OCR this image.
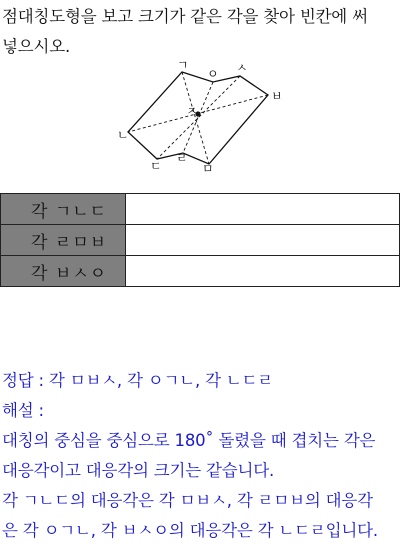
점대칭도형을 보고 크기가 같은 각을 찾아 빈칸에 써
넣으시오.
ㄱ
ㅇ ㅅ
ㅂ
ㅁ
ㄹ
ㄷ
ㄴ
ㅈ
각 ㄱㄴㄷ	
각 ㄹㅁㅂ	
각 ㅂㅅㅇ	
정답 : 각 ㅁㅂㅅ, 각 ㅇㄱㄴ, 각 ㄴㄷㄹ
해설 :
대칭의 중심을 중심으로 180˚ 돌렸을 때 겹치는 각은
대응각이고 대응각의 크기는 같습니다.
각 ㄱㄴㄷ의 대응각은 각 ㅁㅂㅅ, 각 ㄹㅁㅂ의 대응각
은 각 ㅇㄱㄴ, 각 ㅂㅅㅇ의 대응각은 각 ㄴㄷㄹ입니다.
